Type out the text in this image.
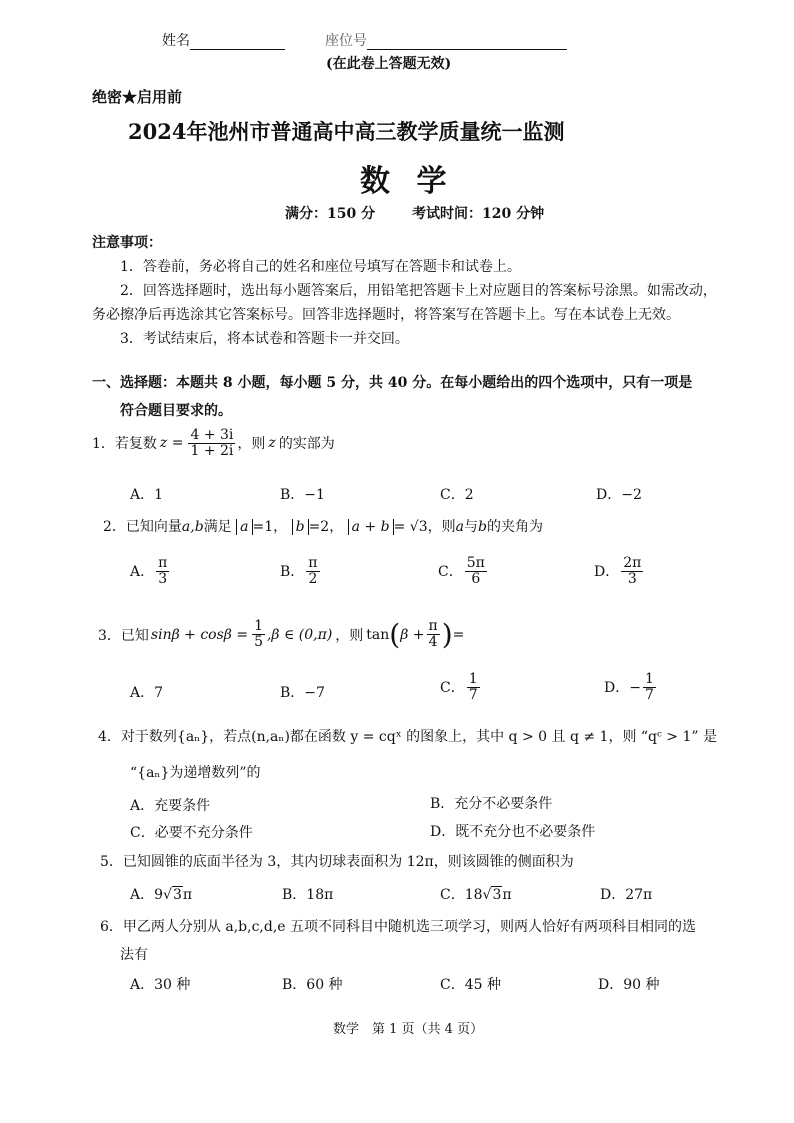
姓名	座位号
(在此卷上答题无效)
绝密★启用前
2024年池州市普通高中高三教学质量统一监测
数 学
满分：150 分	考试时间：120 分钟
注意事项：
1．答卷前，务必将自己的姓名和座位号填写在答题卡和试卷上。
2．回答选择题时，选出每小题答案后，用铅笔把答题卡上对应题目的答案标号涂黑。如需改动，
务必擦净后再选涂其它答案标号。回答非选择题时，将答案写在答题卡上。写在本试卷上无效。
3．考试结束后，将本试卷和答题卡一并交回。
一、选择题：本题共 8 小题，每小题 5 分，共 40 分。在每小题给出的四个选项中，只有一项是
符合题目要求的。
1．若复数 $z = \frac{4 + 3i}{1 + 2i}$ ，则 z 的实部为
A．1	B．−1	C．2	D．−2
2．已知向量a,b满足 a =1， b =2， a + b = √3，则a与b的夹角为
A． $\frac{\pi}{3}$	B． $\frac{\pi}{2}$	C． $\frac{5\pi}{6}$	D． $\frac{2\pi}{3}$
3．已知 $\sin\beta + \cos\beta = \frac{1}{5} ,\beta$ ∈ (0,π) ，则 tan ( $\beta + \frac{\pi}{4}$ ) =
A．7	B．−7	C． $\frac{1}{7}$	D．− $\frac{1}{7}$
4．对于数列{aₙ}，若点(n,aₙ)都在函数 y = cqˣ 的图象上，其中 q > 0 且 q ≠ 1，则 “qᶜ > 1” 是
“{aₙ}为递增数列”的
A．充要条件	B．充分不必要条件
C．必要不充分条件	D．既不充分也不必要条件
5．已知圆锥的底面半径为 3，其内切球表面积为 12π，则该圆锥的侧面积为
A．9√3π	B．18π	C．18√3π	D．27π
6．甲乙两人分别从 a,b,c,d,e 五项不同科目中随机选三项学习，则两人恰好有两项科目相同的选
法有
A．30 种	B．60 种	C．45 种	D．90 种
数学 第 1 页（共 4 页）
